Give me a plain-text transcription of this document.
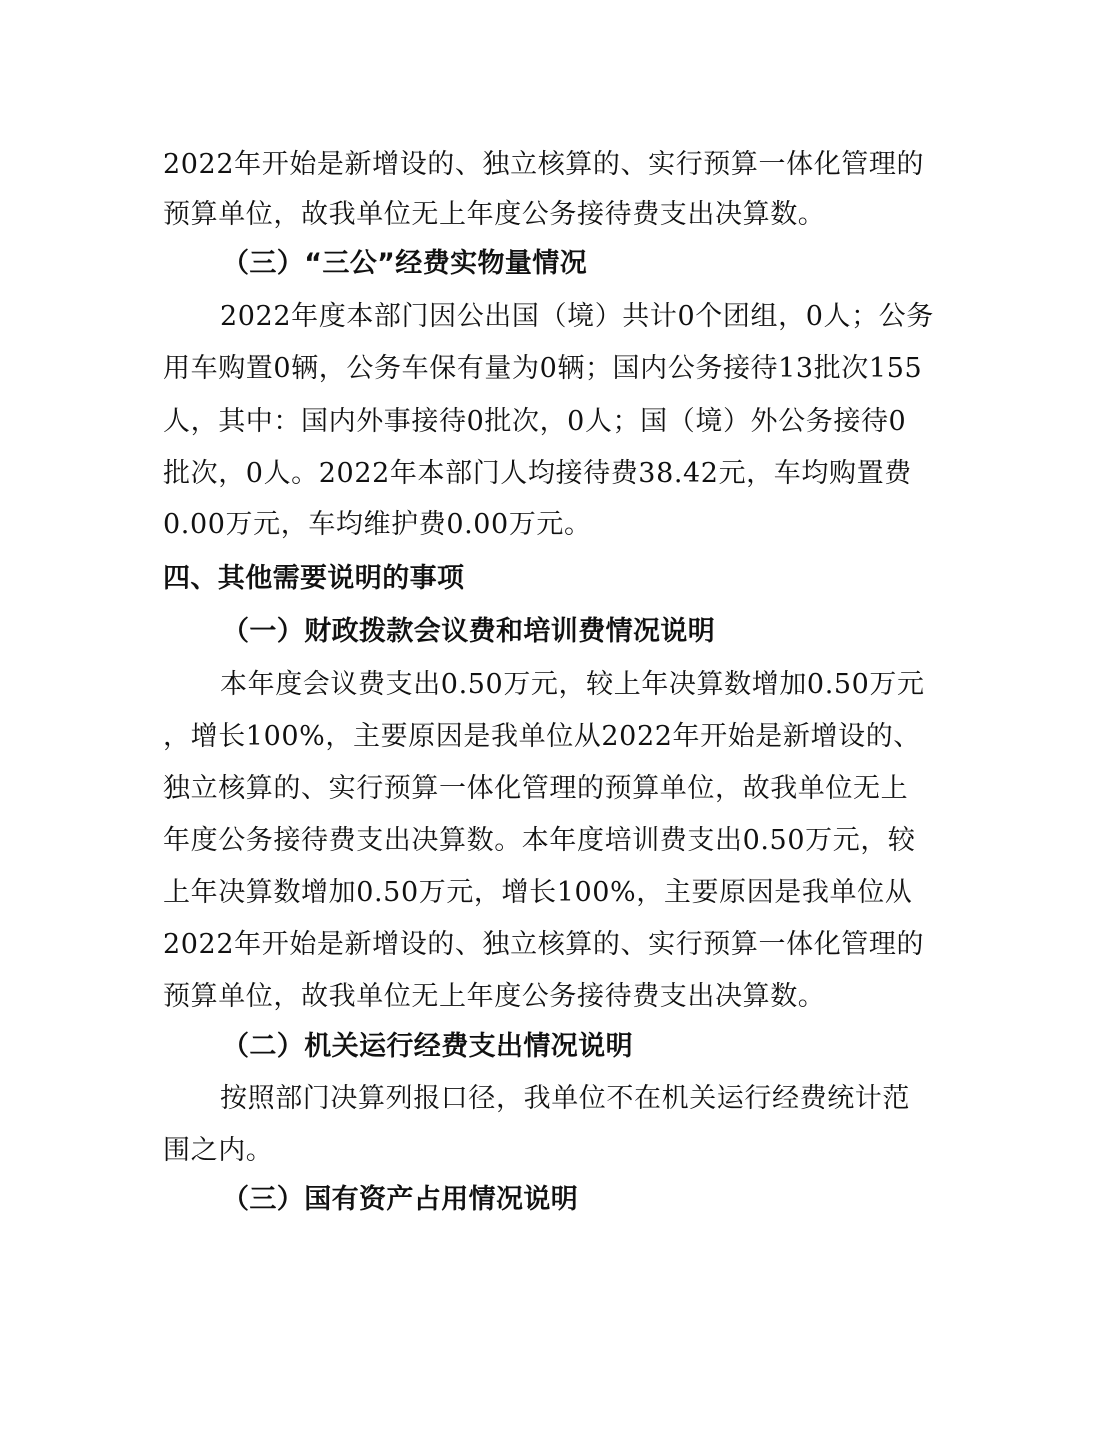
2022年开始是新增设的、独立核算的、实行预算一体化管理的
预算单位，故我单位无上年度公务接待费支出决算数。
（三）“三公”经费实物量情况
2022年度本部门因公出国（境）共计0个团组，0人；公务
用车购置0辆，公务车保有量为0辆；国内公务接待13批次155
人，其中：国内外事接待0批次，0人；国（境）外公务接待0
批次，0人。2022年本部门人均接待费38.42元，车均购置费
0.00万元，车均维护费0.00万元。
四、其他需要说明的事项
（一）财政拨款会议费和培训费情况说明
本年度会议费支出0.50万元，较上年决算数增加0.50万元
，增长100%，主要原因是我单位从2022年开始是新增设的、
独立核算的、实行预算一体化管理的预算单位，故我单位无上
年度公务接待费支出决算数。本年度培训费支出0.50万元，较
上年决算数增加0.50万元，增长100%，主要原因是我单位从
2022年开始是新增设的、独立核算的、实行预算一体化管理的
预算单位，故我单位无上年度公务接待费支出决算数。
（二）机关运行经费支出情况说明
按照部门决算列报口径，我单位不在机关运行经费统计范
围之内。
（三）国有资产占用情况说明
